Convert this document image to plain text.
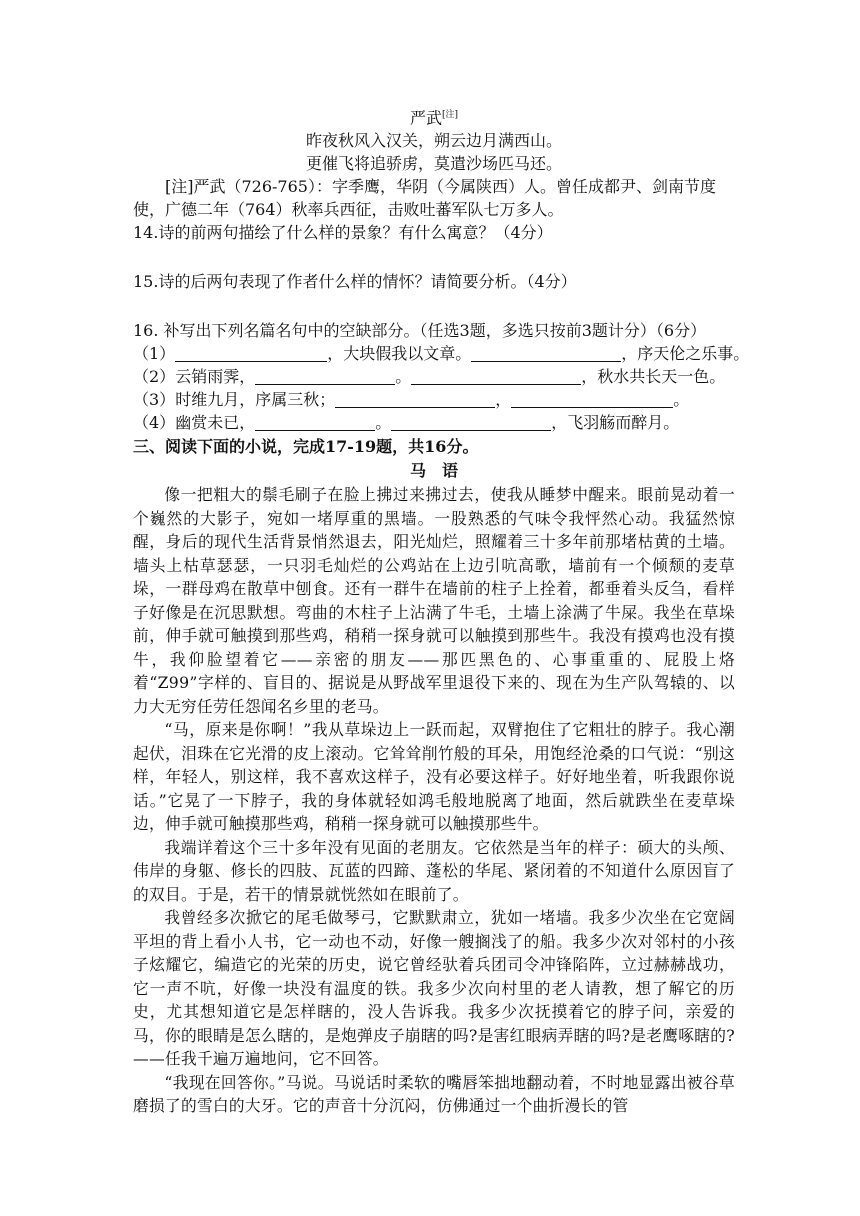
严武[注]
昨夜秋风入汉关，朔云边月满西山。
更催飞将追骄虏，莫遣沙场匹马还。

[注]严武（726-765）：字季鹰，华阴（今属陕西）人。曾任成都尹、剑南节度使，广德二年（764）秋率兵西征，击败吐蕃军队七万多人。

14.诗的前两句描绘了什么样的景象？有什么寓意？（4分）

15.诗的后两句表现了作者什么样的情怀？请简要分析。（4分）

16. 补写出下列名篇名句中的空缺部分。（任选3题，多选只按前3题计分）（6分）

（1）	，大块假我以文章。	，序天伦之乐事。
（2）云销雨霁，	。	，秋水共长天一色。
（3）时维九月，序属三秋；	，	。
（4）幽赏未已，	。	，飞羽觞而醉月。
三、阅读下面的小说，完成17-19题，共16分。
马语

像一把粗大的鬃毛刷子在脸上拂过来拂过去，使我从睡梦中醒来。眼前晃动着一个巍然的大影子，宛如一堵厚重的黑墙。一股熟悉的气味令我怦然心动。我猛然惊醒，身后的现代生活背景悄然退去，阳光灿烂，照耀着三十多年前那堵枯黄的土墙。墙头上枯草瑟瑟，一只羽毛灿烂的公鸡站在上边引吭高歌，墙前有一个倾颓的麦草垛，一群母鸡在散草中刨食。还有一群牛在墙前的柱子上拴着，都垂着头反刍，看样子好像是在沉思默想。弯曲的木柱子上沾满了牛毛，土墙上涂满了牛屎。我坐在草垛前，伸手就可触摸到那些鸡，稍稍一探身就可以触摸到那些牛。我没有摸鸡也没有摸牛，我仰脸望着它——亲密的朋友——那匹黑色的、心事重重的、屁股上烙着“Z99”字样的、盲目的、据说是从野战军里退役下来的、现在为生产队驾辕的、以力大无穷任劳任怨闻名乡里的老马。

“马，原来是你啊！”我从草垛边上一跃而起，双臂抱住了它粗壮的脖子。我心潮起伏，泪珠在它光滑的皮上滚动。它耸耸削竹般的耳朵，用饱经沧桑的口气说：“别这样，年轻人，别这样，我不喜欢这样子，没有必要这样子。好好地坐着，听我跟你说话。”它晃了一下脖子，我的身体就轻如鸿毛般地脱离了地面，然后就跌坐在麦草垛边，伸手就可触摸那些鸡，稍稍一探身就可以触摸那些牛。

我端详着这个三十多年没有见面的老朋友。它依然是当年的样子：硕大的头颅、伟岸的身躯、修长的四肢、瓦蓝的四蹄、蓬松的华尾、紧闭着的不知道什么原因盲了的双目。于是，若干的情景就恍然如在眼前了。

我曾经多次掀它的尾毛做琴弓，它默默肃立，犹如一堵墙。我多少次坐在它宽阔平坦的背上看小人书，它一动也不动，好像一艘搁浅了的船。我多少次对邻村的小孩子炫耀它，编造它的光荣的历史，说它曾经驮着兵团司令冲锋陷阵，立过赫赫战功，它一声不吭，好像一块没有温度的铁。我多少次向村里的老人请教，想了解它的历史，尤其想知道它是怎样瞎的，没人告诉我。我多少次抚摸着它的脖子问，亲爱的马，你的眼睛是怎么瞎的，是炮弹皮子崩瞎的吗?是害红眼病弄瞎的吗?是老鹰啄瞎的?——任我千遍万遍地问，它不回答。

“我现在回答你。”马说。马说话时柔软的嘴唇笨拙地翻动着，不时地显露出被谷草磨损了的雪白的大牙。它的声音十分沉闷，仿佛通过一个曲折漫长的管
